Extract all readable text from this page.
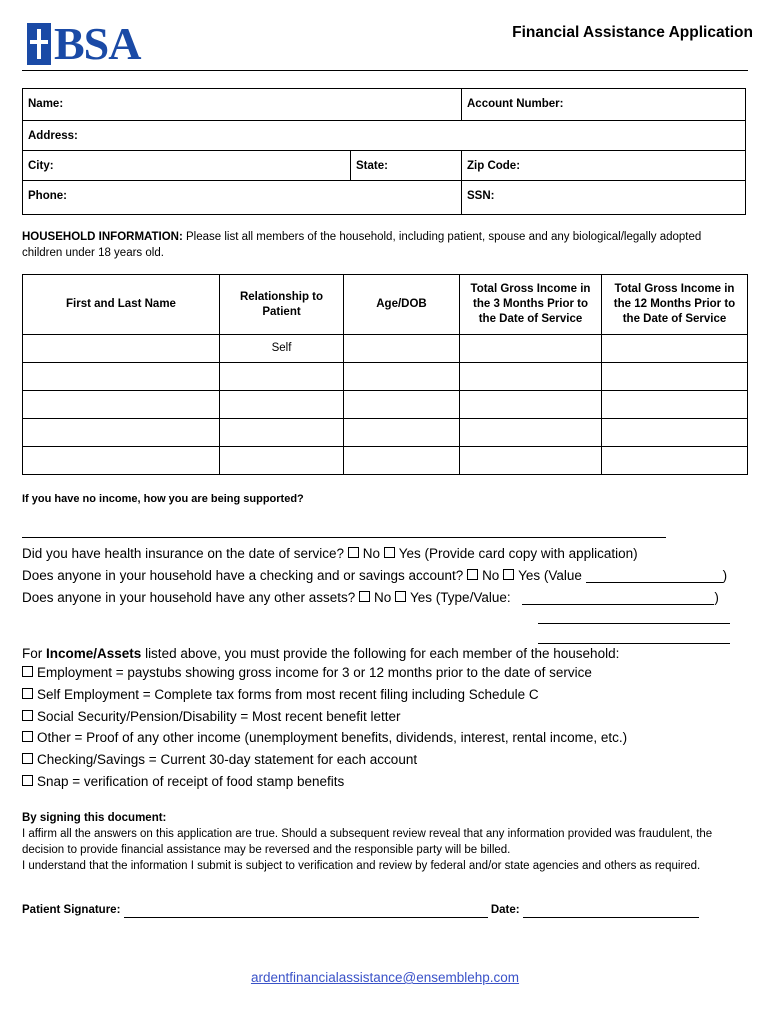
BSA	Financial Assistance Application
Name:	Account Number:
Address:
City:	State:	Zip Code:
Phone:	SSN:
HOUSEHOLD INFORMATION: Please list all members of the household, including patient, spouse and any biological/legally adopted children under 18 years old.
First and Last Name	Relationship to Patient	Age/DOB	Total Gross Income in the 3 Months Prior to the Date of Service	Total Gross Income in the 12 Months Prior to the Date of Service
	Self			

If you have no income, how you are being supported?
Did you have health insurance on the date of service? No Yes (Provide card copy with application)
Does anyone in your household have a checking and or savings account? No Yes (Value	)
Does anyone in your household have any other assets? No Yes (Type/Value:	)
For Income/Assets listed above, you must provide the following for each member of the household:
Employment = paystubs showing gross income for 3 or 12 months prior to the date of service
Self Employment = Complete tax forms from most recent filing including Schedule C
Social Security/Pension/Disability = Most recent benefit letter
Other = Proof of any other income (unemployment benefits, dividends, interest, rental income, etc.)
Checking/Savings = Current 30-day statement for each account
Snap = verification of receipt of food stamp benefits
By signing this document:
I affirm all the answers on this application are true. Should a subsequent review reveal that any information provided was fraudulent, the decision to provide financial assistance may be reversed and the responsible party will be billed.
I understand that the information I submit is subject to verification and review by federal and/or state agencies and others as required.
Patient Signature:	Date:
ardentfinancialassistance@ensemblehp.com
